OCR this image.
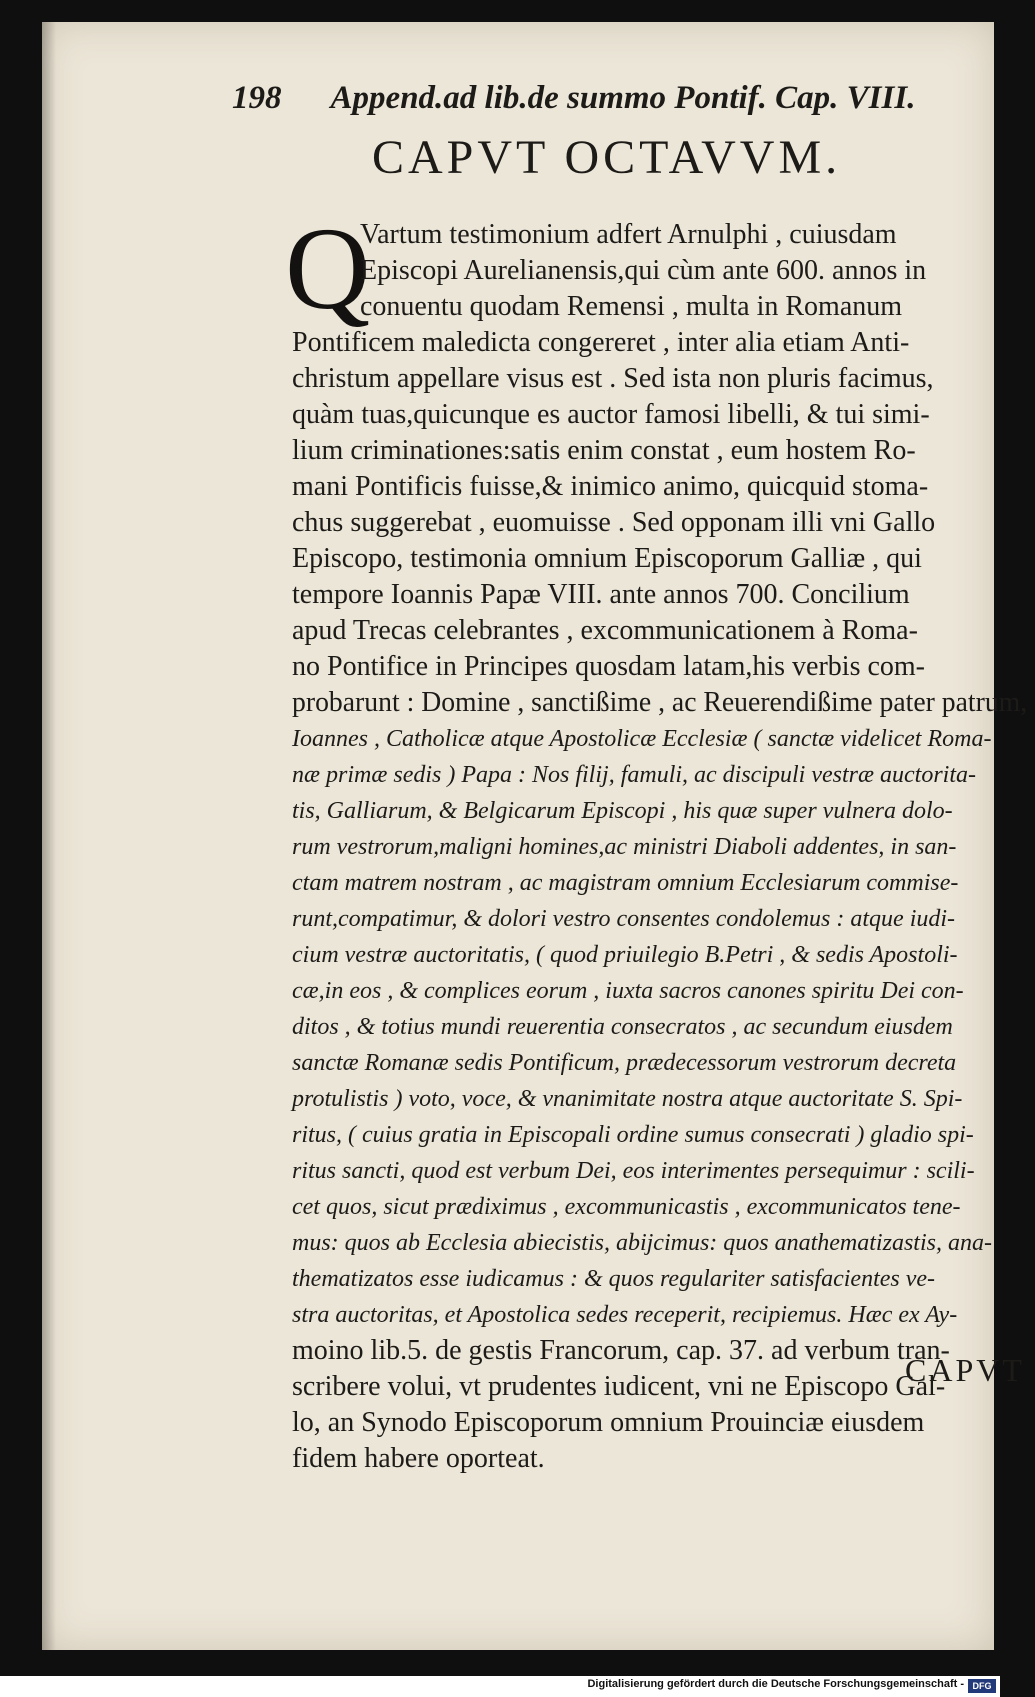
198 Append.ad lib.de summo Pontif. Cap. VIII.
CAPVT OCTAVVM.
Q
Vartum testimonium adfert Arnulphi , cuiusdam
Episcopi Aurelianensis,qui cùm ante 600. annos in
conuentu quodam Remensi , multa in Romanum
Pontificem maledicta congereret , inter alia etiam Anti-
christum appellare visus est . Sed ista non pluris facimus,
quàm tuas,quicunque es auctor famosi libelli, & tui simi-
lium criminationes:satis enim constat , eum hostem Ro-
mani Pontificis fuisse,& inimico animo, quicquid stoma-
chus suggerebat , euomuisse . Sed opponam illi vni Gallo
Episcopo, testimonia omnium Episcoporum Galliæ , qui
tempore Ioannis Papæ VIII. ante annos 700. Concilium
apud Trecas celebrantes , excommunicationem à Roma-
no Pontifice in Principes quosdam latam,his verbis com-
probarunt : Domine , sanctißime , ac Reuerendißime pater patrum,
Ioannes , Catholicæ atque Apostolicæ Ecclesiæ ( sanctæ videlicet Roma-
næ primæ sedis ) Papa : Nos filij, famuli, ac discipuli vestræ auctorita-
tis, Galliarum, & Belgicarum Episcopi , his quæ super vulnera dolo-
rum vestrorum,maligni homines,ac ministri Diaboli addentes, in san-
ctam matrem nostram , ac magistram omnium Ecclesiarum commise-
runt,compatimur, & dolori vestro consentes condolemus : atque iudi-
cium vestræ auctoritatis, ( quod priuilegio B.Petri , & sedis Apostoli-
cæ,in eos , & complices eorum , iuxta sacros canones spiritu Dei con-
ditos , & totius mundi reuerentia consecratos , ac secundum eiusdem
sanctæ Romanæ sedis Pontificum, prædecessorum vestrorum decreta
protulistis ) voto, voce, & vnanimitate nostra atque auctoritate S. Spi-
ritus, ( cuius gratia in Episcopali ordine sumus consecrati ) gladio spi-
ritus sancti, quod est verbum Dei, eos interimentes persequimur : scili-
cet quos, sicut prædiximus , excommunicastis , excommunicatos tene-
mus: quos ab Ecclesia abiecistis, abijcimus: quos anathematizastis, ana-
thematizatos esse iudicamus : & quos regulariter satisfacientes ve-
stra auctoritas, et Apostolica sedes receperit, recipiemus. Hæc ex Ay-
moino lib.5. de gestis Francorum, cap. 37. ad verbum tran-
scribere volui, vt prudentes iudicent, vni ne Episcopo Gal-
lo, an Synodo Episcoporum omnium Prouinciæ eiusdem
fidem habere oporteat.
CAPVT
Digitalisierung gefördert durch die Deutsche Forschungsgemeinschaft - DFG
